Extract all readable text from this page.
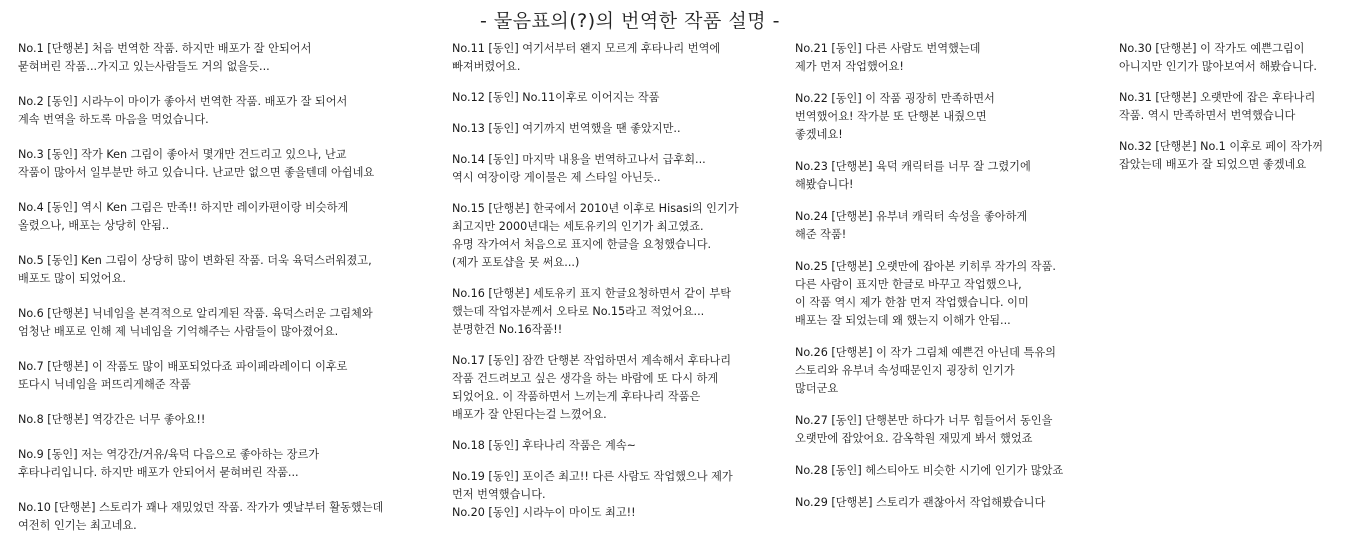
- 물음표의(?)의 번역한 작품 설명 -

No.1 [단행본] 처음 번역한 작품. 하지만 배포가 잘 안되어서
묻혀버린 작품...가지고 있는사람들도 거의 없을듯...

No.2 [동인] 시라누이 마이가 좋아서 번역한 작품. 배포가 잘 되어서
계속 번역을 하도록 마음을 먹었습니다.

No.3 [동인] 작가 Ken 그림이 좋아서 몇개만 건드리고 있으나, 난교
작품이 많아서 일부분만 하고 있습니다. 난교만 없으면 좋을텐데 아쉽네요

No.4 [동인] 역시 Ken 그림은 만족!! 하지만 레이카편이랑 비슷하게
올렸으나, 배포는 상당히 안됨..

No.5 [동인] Ken 그림이 상당히 많이 변화된 작품. 더욱 육덕스러워졌고,
배포도 많이 되었어요.

No.6 [단행본] 닉네임을 본격적으로 알리게된 작품. 육덕스러운 그림체와
엄청난 배포로 인해 제 닉네임을 기억해주는 사람들이 많아졌어요.

No.7 [단행본] 이 작품도 많이 배포되었다죠 파이페라레이디 이후로
또다시 닉네임을 퍼뜨리게해준 작품

No.8 [단행본] 역강간은 너무 좋아요!!

No.9 [동인] 저는 역강간/거유/육덕 다음으로 좋아하는 장르가
후타나리입니다. 하지만 배포가 안되어서 묻혀버린 작품...

No.10 [단행본] 스토리가 꽤나 재밌었던 작품. 작가가 옛날부터 활동했는데
여전히 인기는 최고네요.

No.11 [동인] 여기서부터 왠지 모르게 후타나리 번역에
빠져버렸어요.

No.12 [동인] No.11이후로 이어지는 작품

No.13 [동인] 여기까지 번역했을 땐 좋았지만..

No.14 [동인] 마지막 내용을 번역하고나서 급후회...
역시 여장이랑 게이물은 제 스타일 아닌듯..

No.15 [단행본] 한국에서 2010년 이후로 Hisasi의 인기가
최고지만 2000년대는 세토유키의 인기가 최고였죠.
유명 작가여서 처음으로 표지에 한글을 요청했습니다.
(제가 포토샵을 못 써요...)

No.16 [단행본] 세토유키 표지 한글요청하면서 같이 부탁
했는데 작업자분께서 오타로 No.15라고 적었어요...
분명한건 No.16작품!!

No.17 [동인] 잠깐 단행본 작업하면서 계속해서 후타나리
작품 건드려보고 싶은 생각을 하는 바람에 또 다시 하게
되었어요. 이 작품하면서 느끼는게 후타나리 작품은
배포가 잘 안된다는걸 느꼈어요.

No.18 [동인] 후타나리 작품은 계속~

No.19 [동인] 포이즌 최고!! 다른 사람도 작업했으나 제가
먼저 번역했습니다.

No.20 [동인] 시라누이 마이도 최고!!

No.21 [동인] 다른 사람도 번역했는데
제가 먼저 작업했어요!

No.22 [동인] 이 작품 굉장히 만족하면서
번역했어요! 작가분 또 단행본 내줬으면
좋겠네요!

No.23 [단행본] 육덕 캐릭터를 너무 잘 그렸기에
해봤습니다!

No.24 [단행본] 유부녀 캐릭터 속성을 좋아하게
해준 작품!

No.25 [단행본] 오랫만에 잡아본 키히루 작가의 작품.
다른 사람이 표지만 한글로 바꾸고 작업했으나,
이 작품 역시 제가 한참 먼저 작업했습니다. 이미
배포는 잘 되었는데 왜 했는지 이해가 안됨...

No.26 [단행본] 이 작가 그림체 예쁜건 아닌데 특유의
스토리와 유부녀 속성때문인지 굉장히 인기가
많더군요

No.27 [동인] 단행본만 하다가 너무 힘들어서 동인을
오랫만에 잡았어요. 감옥학원 재밌게 봐서 했었죠

No.28 [동인] 헤스티아도 비슷한 시기에 인기가 많았죠

No.29 [단행본] 스토리가 괜찮아서 작업해봤습니다

No.30 [단행본] 이 작가도 예쁜그림이
아니지만 인기가 많아보여서 해봤습니다.

No.31 [단행본] 오랫만에 잡은 후타나리
작품. 역시 만족하면서 번역했습니다

No.32 [단행본] No.1 이후로 페이 작가꺼
잡았는데 배포가 잘 되었으면 좋겠네요
